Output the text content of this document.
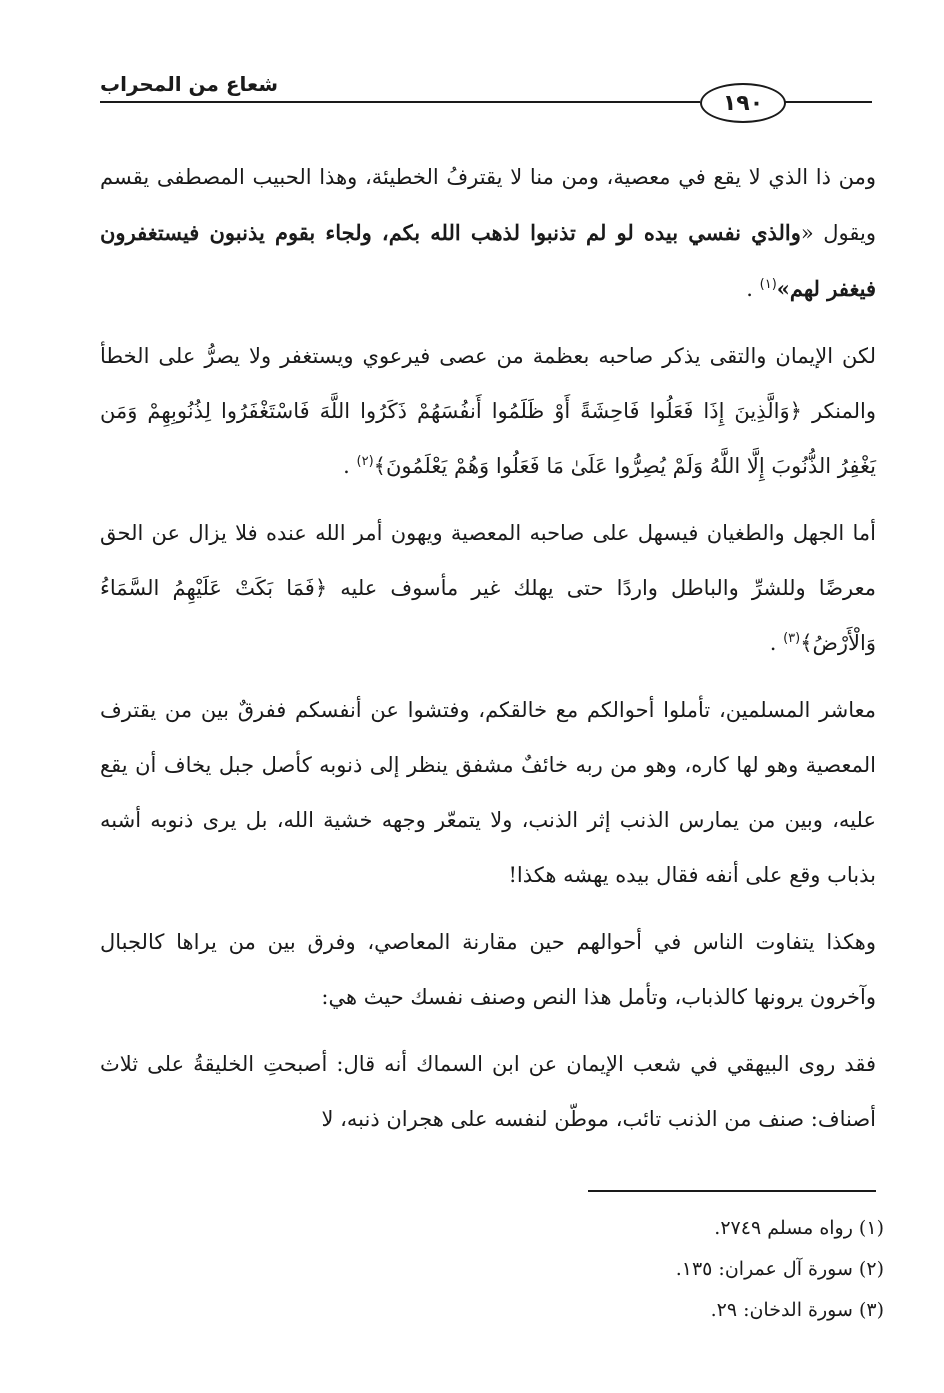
شعاع من المحراب
١٩٠

ومن ذا الذي لا يقع في معصية، ومن منا لا يقترفُ الخطيئة، وهذا الحبيب المصطفى يقسم ويقول «والذي نفسي بيده لو لم تذنبوا لذهب الله بكم، ولجاء بقوم يذنبون فيستغفرون فيغفر لهم»$^{(١)}$ .

لكن الإيمان والتقى يذكر صاحبه بعظمة من عصى فيرعوي ويستغفر ولا يصرُّ على الخطأ والمنكر ﴿وَالَّذِينَ إِذَا فَعَلُوا فَاحِشَةً أَوْ ظَلَمُوا أَنفُسَهُمْ ذَكَرُوا اللَّهَ فَاسْتَغْفَرُوا لِذُنُوبِهِمْ وَمَن يَغْفِرُ الذُّنُوبَ إِلَّا اللَّهُ وَلَمْ يُصِرُّوا عَلَىٰ مَا فَعَلُوا وَهُمْ يَعْلَمُونَ﴾$^{(٢)}$ .

أما الجهل والطغيان فيسهل على صاحبه المعصية ويهون أمر الله عنده فلا يزال عن الحق معرضًا وللشرِّ والباطل واردًا حتى يهلك غير مأسوف عليه ﴿فَمَا بَكَتْ عَلَيْهِمُ السَّمَاءُ وَالْأَرْضُ﴾$^{(٣)}$ .

معاشر المسلمين، تأملوا أحوالكم مع خالقكم، وفتشوا عن أنفسكم ففرقٌ بين من يقترف المعصية وهو لها كاره، وهو من ربه خائفٌ مشفق ينظر إلى ذنوبه كأصل جبل يخاف أن يقع عليه، وبين من يمارس الذنب إثر الذنب، ولا يتمعّر وجهه خشية الله، بل يرى ذنوبه أشبه بذباب وقع على أنفه فقال بيده يهشه هكذا!

وهكذا يتفاوت الناس في أحوالهم حين مقارنة المعاصي، وفرق بين من يراها كالجبال وآخرون يرونها كالذباب، وتأمل هذا النص وصنف نفسك حيث هي:

فقد روى البيهقي في شعب الإيمان عن ابن السماك أنه قال: أصبحتِ الخليقةُ على ثلاث أصناف: صنف من الذنب تائب، موطّن لنفسه على هجران ذنبه، لا

(١) رواه مسلم ٢٧٤٩.

(٢) سورة آل عمران: ١٣٥.

(٣) سورة الدخان: ٢٩.
